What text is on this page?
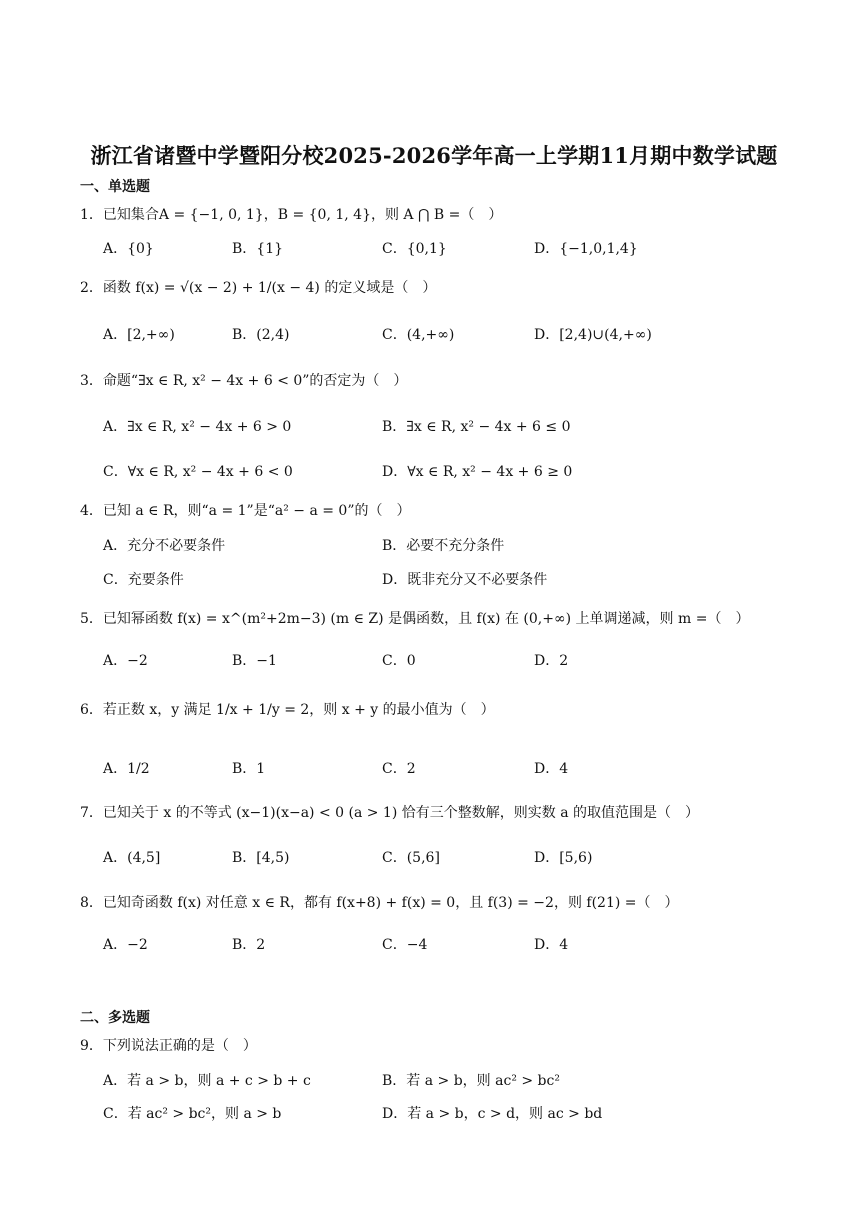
浙江省诸暨中学暨阳分校2025-2026学年高一上学期11月期中数学试题
一、单选题
1．已知集合A = {−1, 0, 1}，B = {0, 1, 4}，则 A ⋂ B =（　）
A．{0}	B．{1}	C．{0,1}	D．{−1,0,1,4}
2．函数 f(x) = √(x − 2) + 1/(x − 4) 的定义域是（　）
A．[2,+∞)	B．(2,4)	C．(4,+∞)	D．[2,4)∪(4,+∞)
3．命题“∃x ∈ R, x² − 4x + 6 < 0”的否定为（　）
A．∃x ∈ R, x² − 4x + 6 > 0	B．∃x ∈ R, x² − 4x + 6 ≤ 0
C．∀x ∈ R, x² − 4x + 6 < 0	D．∀x ∈ R, x² − 4x + 6 ≥ 0
4．已知 a ∈ R，则“a = 1”是“a² − a = 0”的（　）
A．充分不必要条件	B．必要不充分条件
C．充要条件	D．既非充分又不必要条件
5．已知幂函数 f(x) = x^(m²+2m−3) (m ∈ Z) 是偶函数，且 f(x) 在 (0,+∞) 上单调递减，则 m =（　）
A．−2	B．−1	C．0	D．2
6．若正数 x，y 满足 1/x + 1/y = 2，则 x + y 的最小值为（　）
A．1/2	B．1	C．2	D．4
7．已知关于 x 的不等式 (x−1)(x−a) < 0 (a > 1) 恰有三个整数解，则实数 a 的取值范围是（　）
A．(4,5]	B．[4,5)	C．(5,6]	D．[5,6)
8．已知奇函数 f(x) 对任意 x ∈ R，都有 f(x+8) + f(x) = 0，且 f(3) = −2，则 f(21) =（　）
A．−2	B．2	C．−4	D．4
二、多选题
9．下列说法正确的是（　）
A．若 a > b，则 a + c > b + c	B．若 a > b，则 ac² > bc²
C．若 ac² > bc²，则 a > b	D．若 a > b，c > d，则 ac > bd
